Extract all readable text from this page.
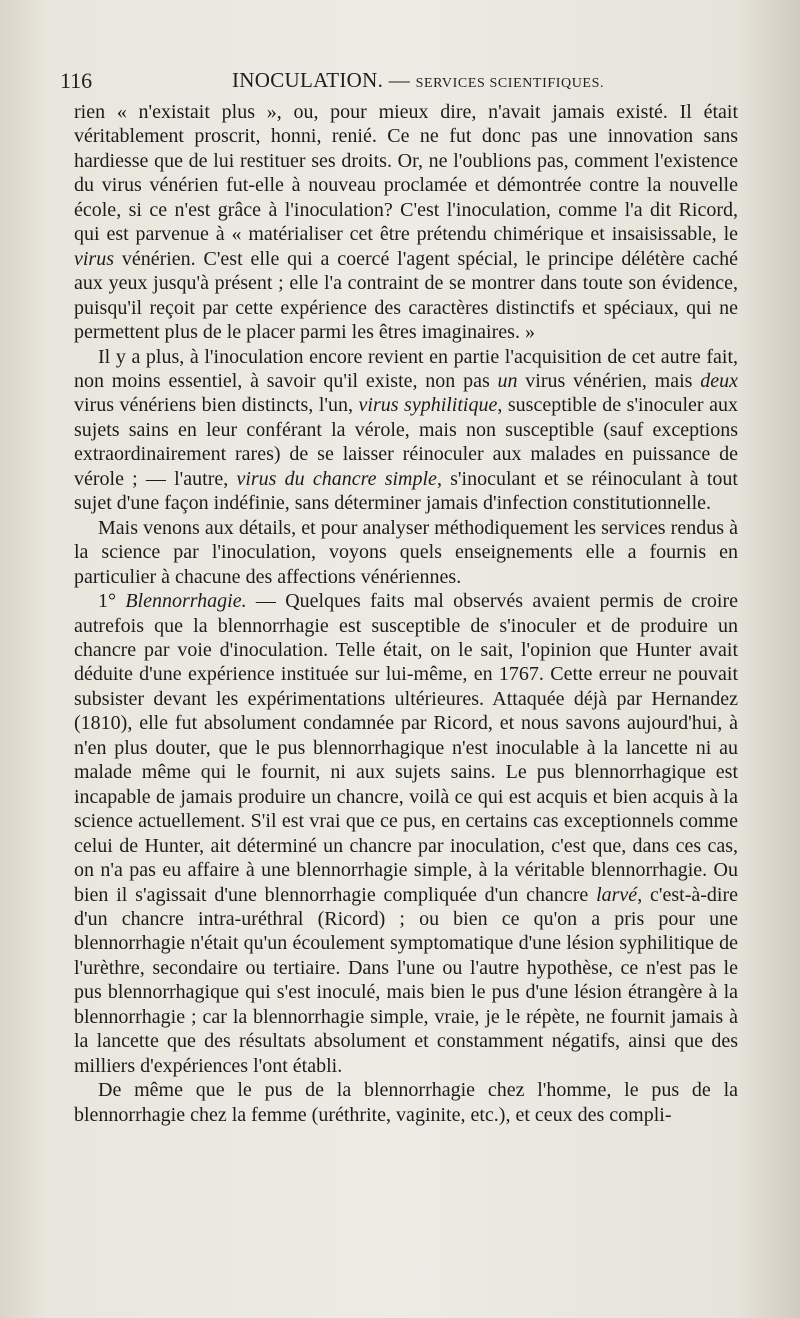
116	INOCULATION. — SERVICES SCIENTIFIQUES.

rien « n'existait plus », ou, pour mieux dire, n'avait jamais existé. Il était véritablement proscrit, honni, renié. Ce ne fut donc pas une innovation sans hardiesse que de lui restituer ses droits. Or, ne l'oublions pas, comment l'existence du virus vénérien fut-elle à nouveau proclamée et démontrée contre la nouvelle école, si ce n'est grâce à l'inoculation? C'est l'inoculation, comme l'a dit Ricord, qui est parvenue à « matérialiser cet être prétendu chimérique et insaisissable, le virus vénérien. C'est elle qui a coercé l'agent spécial, le principe délétère caché aux yeux jusqu'à présent ; elle l'a contraint de se montrer dans toute son évidence, puisqu'il reçoit par cette expérience des caractères distinctifs et spéciaux, qui ne permettent plus de le placer parmi les êtres imaginaires. »

Il y a plus, à l'inoculation encore revient en partie l'acquisition de cet autre fait, non moins essentiel, à savoir qu'il existe, non pas un virus vénérien, mais deux virus vénériens bien distincts, l'un, virus syphilitique, susceptible de s'inoculer aux sujets sains en leur conférant la vérole, mais non susceptible (sauf exceptions extraordinairement rares) de se laisser réinoculer aux malades en puissance de vérole ; — l'autre, virus du chancre simple, s'inoculant et se réinoculant à tout sujet d'une façon indéfinie, sans déterminer jamais d'infection constitutionnelle.

Mais venons aux détails, et pour analyser méthodiquement les services rendus à la science par l'inoculation, voyons quels enseignements elle a fournis en particulier à chacune des affections vénériennes.

1° Blennorrhagie. — Quelques faits mal observés avaient permis de croire autrefois que la blennorrhagie est susceptible de s'inoculer et de produire un chancre par voie d'inoculation. Telle était, on le sait, l'opinion que Hunter avait déduite d'une expérience instituée sur lui-même, en 1767. Cette erreur ne pouvait subsister devant les expérimentations ultérieures. Attaquée déjà par Hernandez (1810), elle fut absolument condamnée par Ricord, et nous savons aujourd'hui, à n'en plus douter, que le pus blennorrhagique n'est inoculable à la lancette ni au malade même qui le fournit, ni aux sujets sains. Le pus blennorrhagique est incapable de jamais produire un chancre, voilà ce qui est acquis et bien acquis à la science actuellement. S'il est vrai que ce pus, en certains cas exceptionnels comme celui de Hunter, ait déterminé un chancre par inoculation, c'est que, dans ces cas, on n'a pas eu affaire à une blennorrhagie simple, à la véritable blennorrhagie. Ou bien il s'agissait d'une blennorrhagie compliquée d'un chancre larvé, c'est-à-dire d'un chancre intra-uréthral (Ricord) ; ou bien ce qu'on a pris pour une blennorrhagie n'était qu'un écoulement symptomatique d'une lésion syphilitique de l'urèthre, secondaire ou tertiaire. Dans l'une ou l'autre hypothèse, ce n'est pas le pus blennorrhagique qui s'est inoculé, mais bien le pus d'une lésion étrangère à la blennorrhagie ; car la blennorrhagie simple, vraie, je le répète, ne fournit jamais à la lancette que des résultats absolument et constamment négatifs, ainsi que des milliers d'expériences l'ont établi.

De même que le pus de la blennorrhagie chez l'homme, le pus de la blennorrhagie chez la femme (uréthrite, vaginite, etc.), et ceux des compli-
